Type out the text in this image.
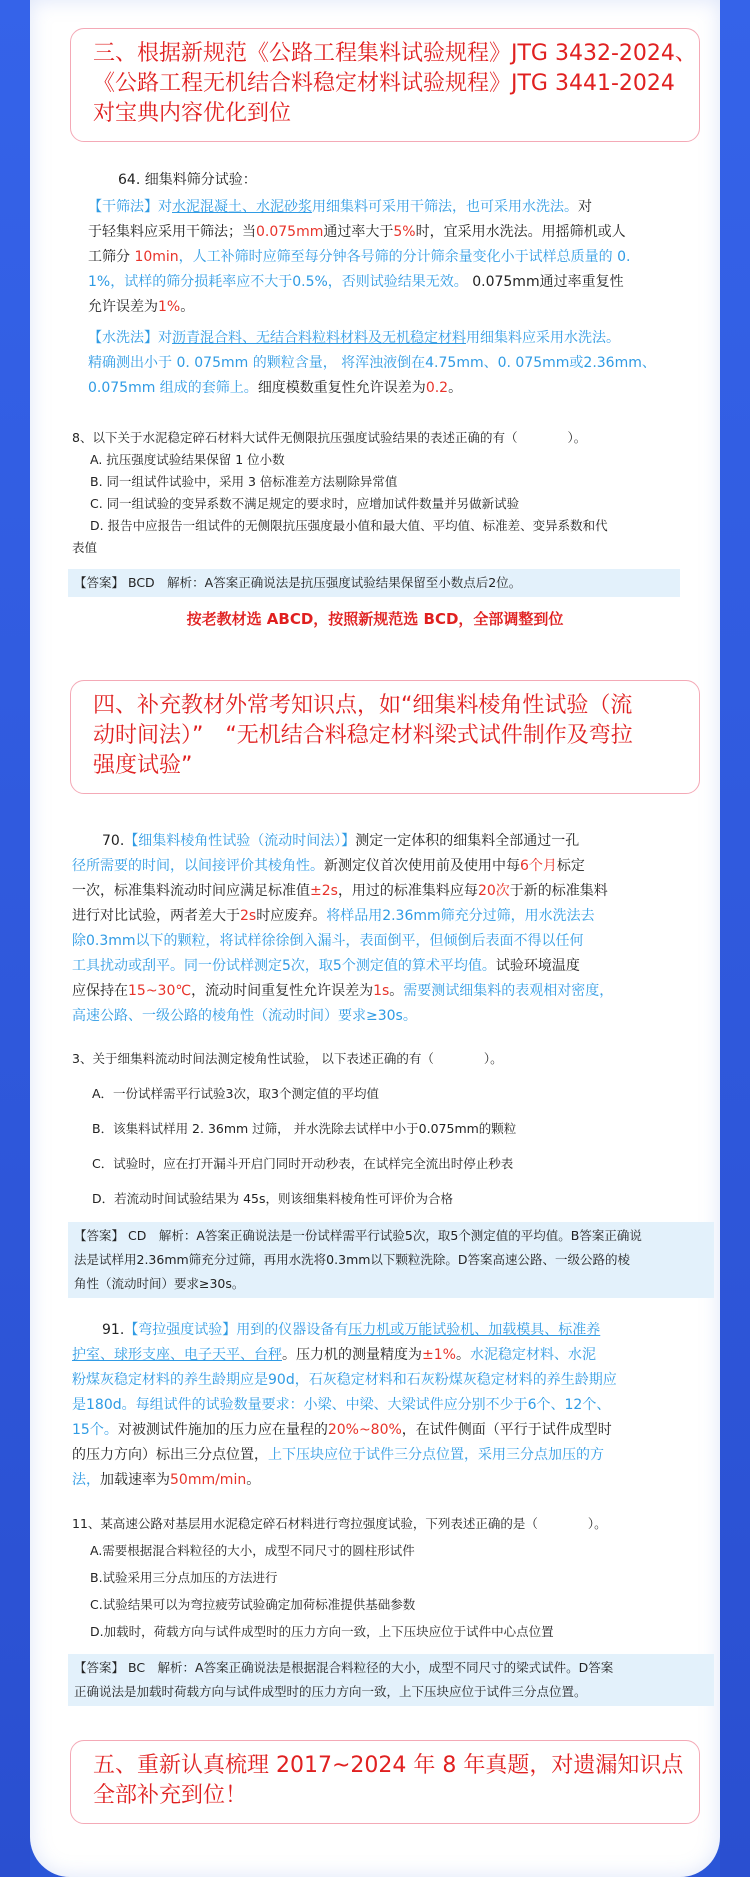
三、根据新规范《公路工程集料试验规程》JTG 3432-2024、
《公路工程无机结合料稳定材料试验规程》JTG 3441-2024
对宝典内容优化到位
64. 细集料筛分试验：
【干筛法】对水泥混凝土、水泥砂浆用细集料可采用干筛法，也可采用水洗法。对
于轻集料应采用干筛法；当0.075mm通过率大于5%时，宜采用水洗法。用摇筛机或人
工筛分 10min，人工补筛时应筛至每分钟各号筛的分计筛余量变化小于试样总质量的 0.
1%，试样的筛分损耗率应不大于0.5%，否则试验结果无效。 0.075mm通过率重复性
允许误差为1%。
【水洗法】对沥青混合料、无结合料粒料材料及无机稳定材料用细集料应采用水洗法。
精确测出小于 0. 075mm 的颗粒含量， 将浑浊液倒在4.75mm、0. 075mm或2.36mm、
0.075mm 组成的套筛上。细度模数重复性允许误差为0.2。
8、以下关于水泥稳定碎石材料大试件无侧限抗压强度试验结果的表述正确的有（　　　　）。
A. 抗压强度试验结果保留 1 位小数
B. 同一组试件试验中，采用 3 倍标准差方法剔除异常值
C. 同一组试验的变异系数不满足规定的要求时，应增加试件数量并另做新试验
D. 报告中应报告一组试件的无侧限抗压强度最小值和最大值、平均值、标准差、变异系数和代
表值
【答案】 BCD　解析：A答案正确说法是抗压强度试验结果保留至小数点后2位。
按老教材选 ABCD，按照新规范选 BCD，全部调整到位
四、补充教材外常考知识点，如“细集料棱角性试验（流
动时间法）”　“无机结合料稳定材料梁式试件制作及弯拉
强度试验”
70.【细集料棱角性试验（流动时间法）】测定一定体积的细集料全部通过一孔
径所需要的时间，以间接评价其棱角性。新测定仪首次使用前及使用中每6个月标定
一次，标准集料流动时间应满足标准值±2s，用过的标准集料应每20次于新的标准集料
进行对比试验，两者差大于2s时应废弃。将样品用2.36mm筛充分过筛，用水洗法去
除0.3mm以下的颗粒，将试样徐徐倒入漏斗，表面倒平，但倾倒后表面不得以任何
工具扰动或刮平。同一份试样测定5次，取5个测定值的算术平均值。试验环境温度
应保持在15~30℃，流动时间重复性允许误差为1s。需要测试细集料的表观相对密度，
高速公路、一级公路的棱角性（流动时间）要求≥30s。
3、关于细集料流动时间法测定棱角性试验， 以下表述正确的有（　　　　）。
A．一份试样需平行试验3次，取3个测定值的平均值
B．该集料试样用 2. 36mm 过筛， 并水洗除去试样中小于0.075mm的颗粒
C．试验时，应在打开漏斗开启门同时开动秒表，在试样完全流出时停止秒表
D．若流动时间试验结果为 45s，则该细集料棱角性可评价为合格
【答案】 CD　解析：A答案正确说法是一份试样需平行试验5次，取5个测定值的平均值。B答案正确说
法是试样用2.36mm筛充分过筛，再用水洗将0.3mm以下颗粒洗除。D答案高速公路、一级公路的棱
角性（流动时间）要求≥30s。
91.【弯拉强度试验】用到的仪器设备有压力机或万能试验机、加载模具、标准养
护室、球形支座、电子天平、台秤。压力机的测量精度为±1%。水泥稳定材料、水泥
粉煤灰稳定材料的养生龄期应是90d，石灰稳定材料和石灰粉煤灰稳定材料的养生龄期应
是180d。每组试件的试验数量要求：小梁、中梁、大梁试件应分别不少于6个、12个、
15个。对被测试件施加的压力应在量程的20%~80%，在试件侧面（平行于试件成型时
的压力方向）标出三分点位置，上下压块应位于试件三分点位置，采用三分点加压的方
法，加载速率为50mm/min。
11、某高速公路对基层用水泥稳定碎石材料进行弯拉强度试验，下列表述正确的是（　　　　）。
A.需要根据混合料粒径的大小，成型不同尺寸的圆柱形试件
B.试验采用三分点加压的方法进行
C.试验结果可以为弯拉疲劳试验确定加荷标准提供基础参数
D.加载时，荷载方向与试件成型时的压力方向一致，上下压块应位于试件中心点位置
【答案】 BC　解析：A答案正确说法是根据混合料粒径的大小，成型不同尺寸的梁式试件。D答案
正确说法是加载时荷载方向与试件成型时的压力方向一致，上下压块应位于试件三分点位置。
五、重新认真梳理 2017~2024 年 8 年真题，对遗漏知识点
全部补充到位！
